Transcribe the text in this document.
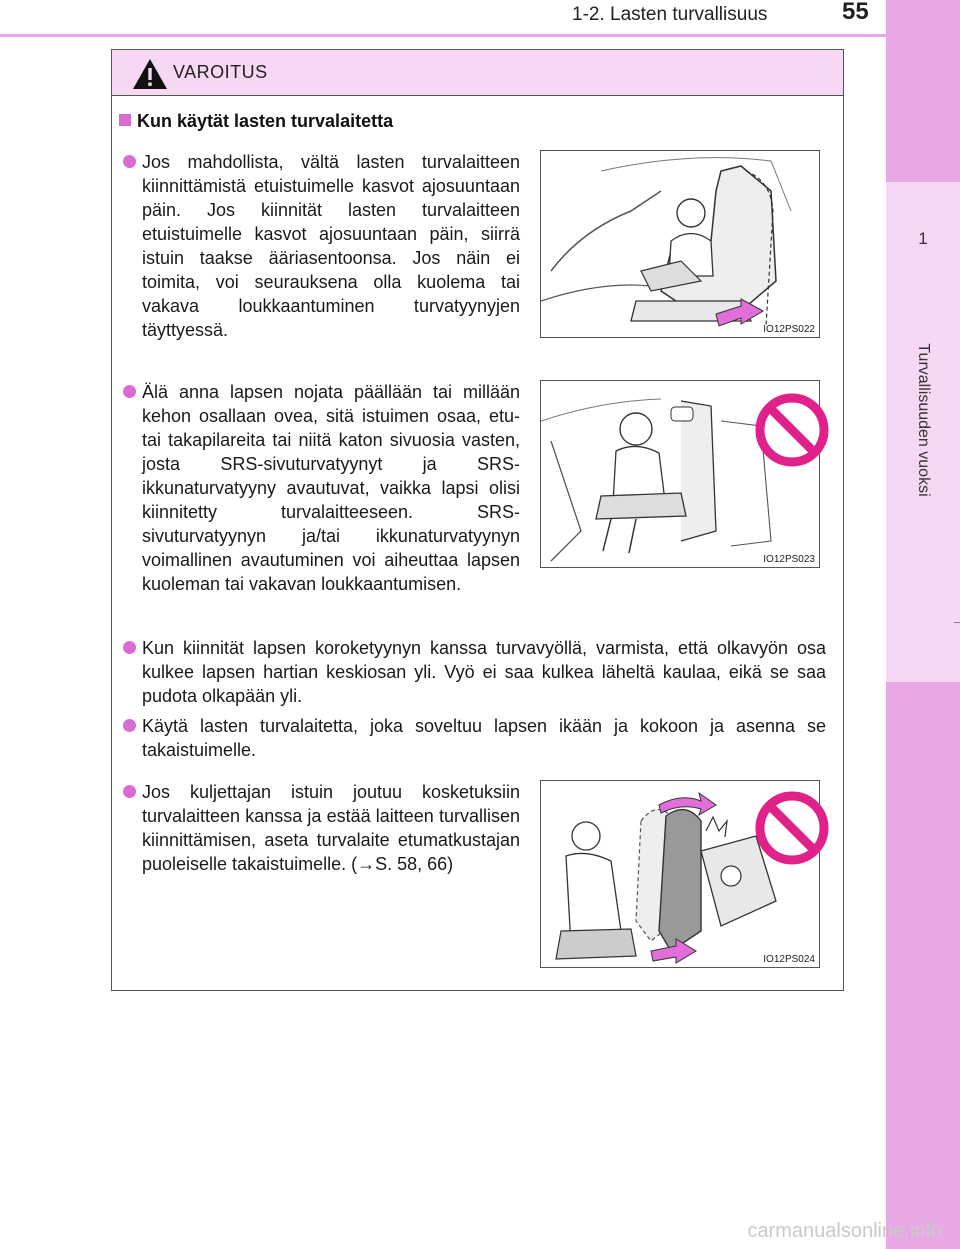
1-2. Lasten turvallisuus	55
1
Turvallisuuden vuoksi
VAROITUS
Kun käytät lasten turvalaitetta
Jos mahdollista, vältä lasten turvalaitteen kiinnittämistä etuistuimelle kasvot ajosuuntaan päin. Jos kiinnität lasten turvalaitteen etuistuimelle kasvot ajosuuntaan päin, siirrä istuin taakse ääriasentoonsa. Jos näin ei toimita, voi seurauksena olla kuolema tai vakava loukkaantuminen turvatyynyjen täyttyessä.	IO12PS022
Älä anna lapsen nojata päällään tai millään kehon osallaan ovea, sitä istuimen osaa, etu- tai takapilareita tai niitä katon sivuosia vasten, josta SRS-sivuturvatyynyt ja SRS-ikkunaturvatyyny avautuvat, vaikka lapsi olisi kiinnitetty turvalaitteeseen. SRS-sivuturvatyynyn ja/tai ikkunaturvatyynyn voimallinen avautuminen voi aiheuttaa lapsen kuoleman tai vakavan loukkaantumisen.
IO12PS023
Kun kiinnität lapsen koroketyynyn kanssa turvavyöllä, varmista, että olkavyön osa kulkee lapsen hartian keskiosan yli. Vyö ei saa kulkea läheltä kaulaa, eikä se saa pudota olkapään yli.
Käytä lasten turvalaitetta, joka soveltuu lapsen ikään ja kokoon ja asenna se takaistuimelle.
Jos kuljettajan istuin joutuu kosketuksiin turvalaitteen kanssa ja estää laitteen turvallisen kiinnittämisen, aseta turvalaite etumatkustajan puoleiselle takaistuimelle. (→S. 58, 66)
IO12PS024
carmanualsonline.info
